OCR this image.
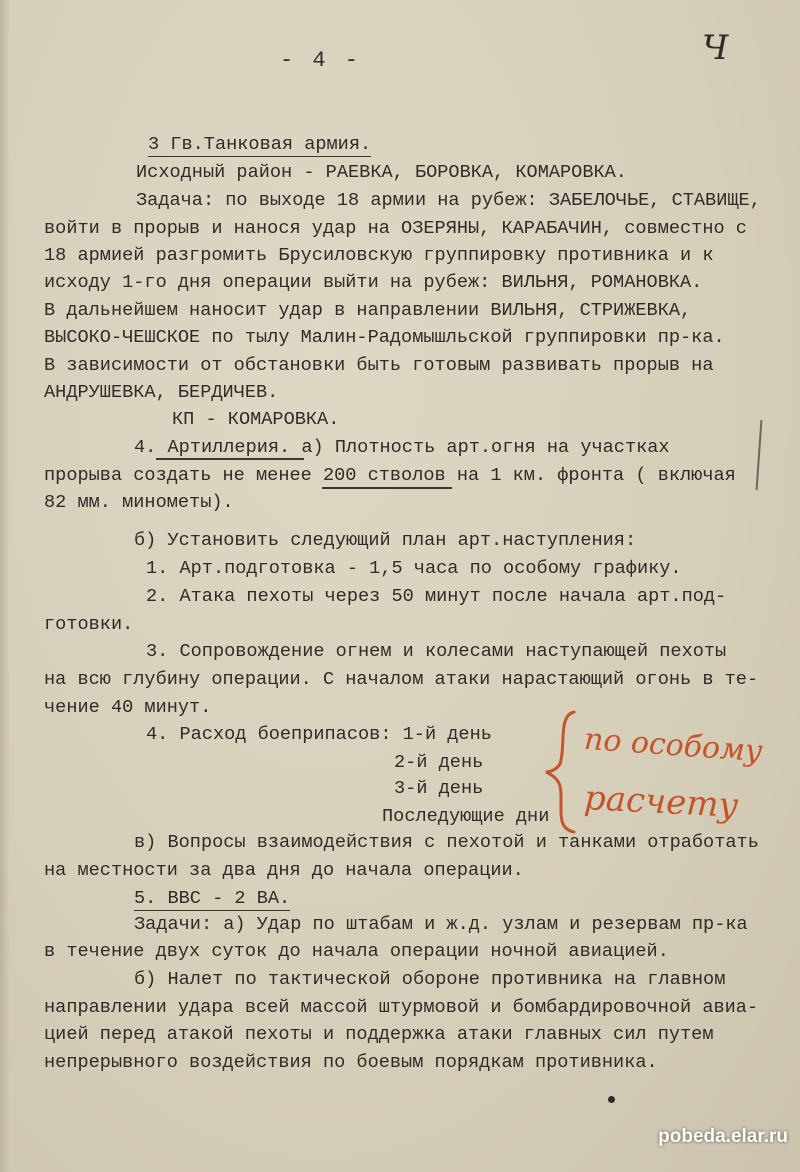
- 4 -	Ч
3 Гв.Танковая армия.
Исходный район - РАЕВКА, БОРОВКА, КОМАРОВКА.
Задача: по выходе 18 армии на рубеж: ЗАБЕЛОЧЬЕ, СТАВИЩЕ,
войти в прорыв и нанося удар на ОЗЕРЯНЫ, КАРАБАЧИН, совместно с
18 армией разгромить Брусиловскую группировку противника и к
исходу 1-го дня операции выйти на рубеж: ВИЛЬНЯ, РОМАНОВКА.
В дальнейшем наносит удар в направлении ВИЛЬНЯ, СТРИЖЕВКА,
ВЫСОКО-ЧЕШСКОЕ по тылу Малин-Радомышльской группировки пр-ка.
В зависимости от обстановки быть готовым развивать прорыв на
АНДРУШЕВКА, БЕРДИЧЕВ.
КП - КОМАРОВКА.
4. Артиллерия. а) Плотность арт.огня на участках
прорыва создать не менее 200 стволов на 1 км. фронта ( включая
82 мм. минометы).
б) Установить следующий план арт.наступления:
1. Арт.подготовка - 1,5 часа по особому графику.
2. Атака пехоты через 50 минут после начала арт.под-
готовки.
3. Сопровождение огнем и колесами наступающей пехоты
на всю глубину операции. С началом атаки нарастающий огонь в те-
чение 40 минут.
4. Расход боеприпасов: 1-й день
2-й день
3-й день
Последующие дни
в) Вопросы взаимодействия с пехотой и танками отработать
на местности за два дня до начала операции.
5. ВВС - 2 ВА.
Задачи: а) Удар по штабам и ж.д. узлам и резервам пр-ка
в течение двух суток до начала операции ночной авиацией.
б) Налет по тактической обороне противника на главном
направлении удара всей массой штурмовой и бомбардировочной авиа-
цией перед атакой пехоты и поддержка атаки главных сил путем
непрерывного воздействия по боевым порядкам противника.
по особому
расчету
pobeda.elar.ru
